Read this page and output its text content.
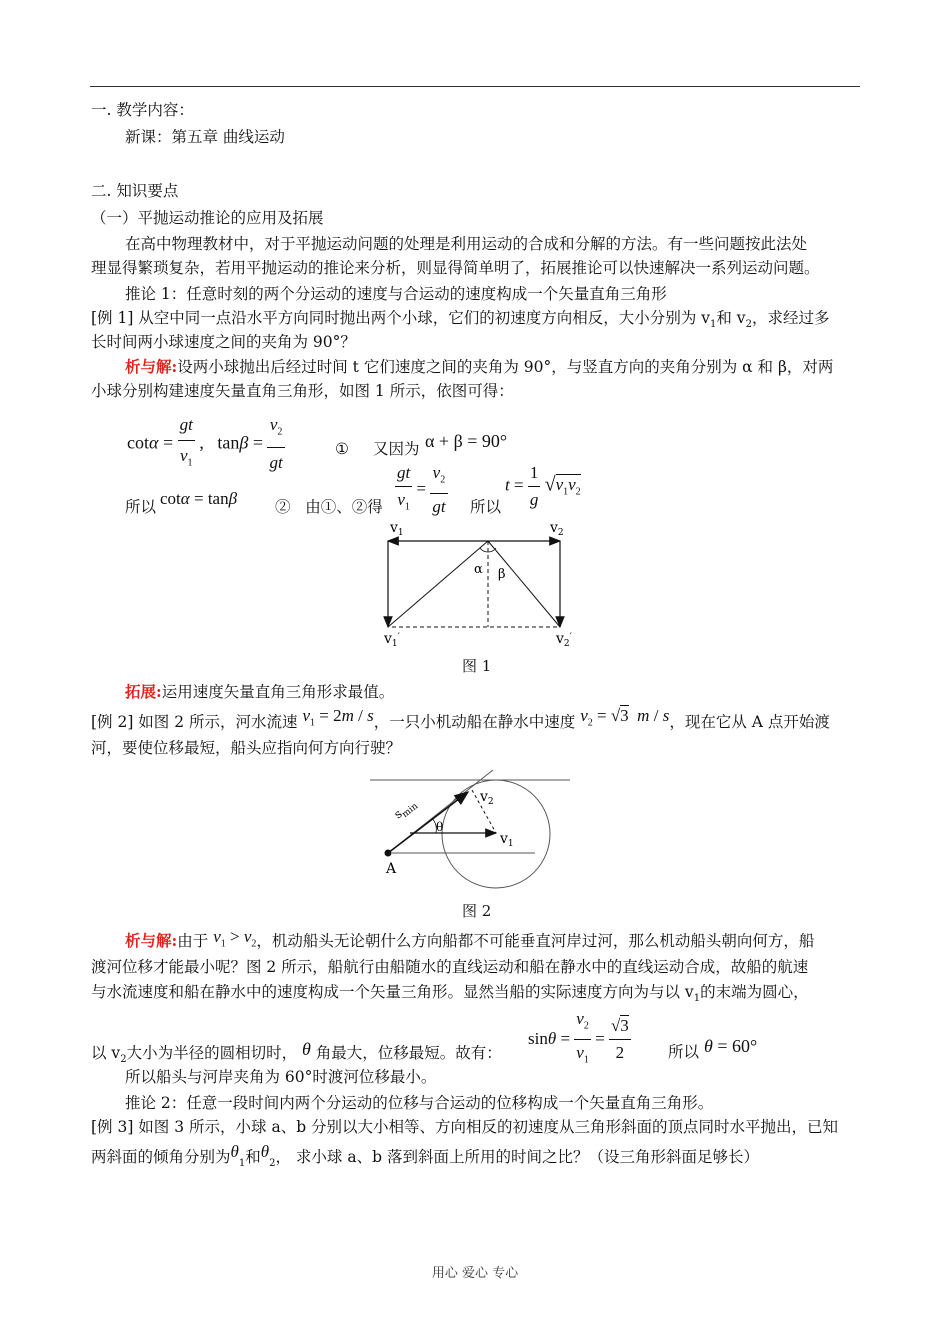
一. 教学内容：
新课：第五章 曲线运动
二. 知识要点
（一）平抛运动推论的应用及拓展
在高中物理教材中，对于平抛运动问题的处理是利用运动的合成和分解的方法。有一些问题按此法处
理显得繁琐复杂，若用平抛运动的推论来分析，则显得简单明了，拓展推论可以快速解决一系列运动问题。
推论 1：任意时刻的两个分运动的速度与合运动的速度构成一个矢量直角三角形
[例 1] 从空中同一点沿水平方向同时抛出两个小球，它们的初速度方向相反，大小分别为 $v_1$和 $v_2$，求经过多
长时间两小球速度之间的夹角为 90°？
析与解:设两小球抛出后经过时间 t 它们速度之间的夹角为 90°，与竖直方向的夹角分别为 α 和 β，对两
小球分别构建速度矢量直角三角形，如图 1 所示，依图可得：
$\cot\alpha = \frac{gt}{v_1}$ ,   $\tan\beta = \frac{v_2}{gt}$	① 又因为 α + β = 90°
所以 cotα = tanβ ② 由①、②得 $\frac{gt}{v_1} = \frac{v_2}{gt}$ 所以
$t = \frac{1}{g} √v_1v_2$
$v_1$	$v_2$
α β
$v_1'$	$v_2'$
图 1
拓展:运用速度矢量直角三角形求最值。
[例 2] 如图 2 所示，河水流速 $v_1 = 2m / s$，一只小机动船在静水中速度 $v_2 = √3$ m / s，现在它从 A 点开始渡
河，要使位移最短，船头应指向何方向行驶？
$s_{min}$
θ
$v_2$
$v_1$
A
图 2
析与解:由于 $v_1 > v_2$，机动船头无论朝什么方向船都不可能垂直河岸过河，那么机动船头朝向何方，船
渡河位移才能最小呢？图 2 所示，船航行由船随水的直线运动和船在静水中的直线运动合成，故船的航速
与水流速度和船在静水中的速度构成一个矢量三角形。显然当船的实际速度方向为与以 $v_1$的末端为圆心，
$\sin\theta = \frac{v_2}{v_1} = \frac{√3}{2}$
以 $v_2$大小为半径的圆相切时， θ 角最大，位移最短。故有：	所以 θ = 60°
所以船头与河岸夹角为 60°时渡河位移最小。
推论 2：任意一段时间内两个分运动的位移与合运动的位移构成一个矢量直角三角形。
[例 3] 如图 3 所示，小球 a、b 分别以大小相等、方向相反的初速度从三角形斜面的顶点同时水平抛出，已知
两斜面的倾角分别为$\theta_1$和$\theta_2$， 求小球 a、b 落到斜面上所用的时间之比？（设三角形斜面足够长）
用心 爱心 专心
